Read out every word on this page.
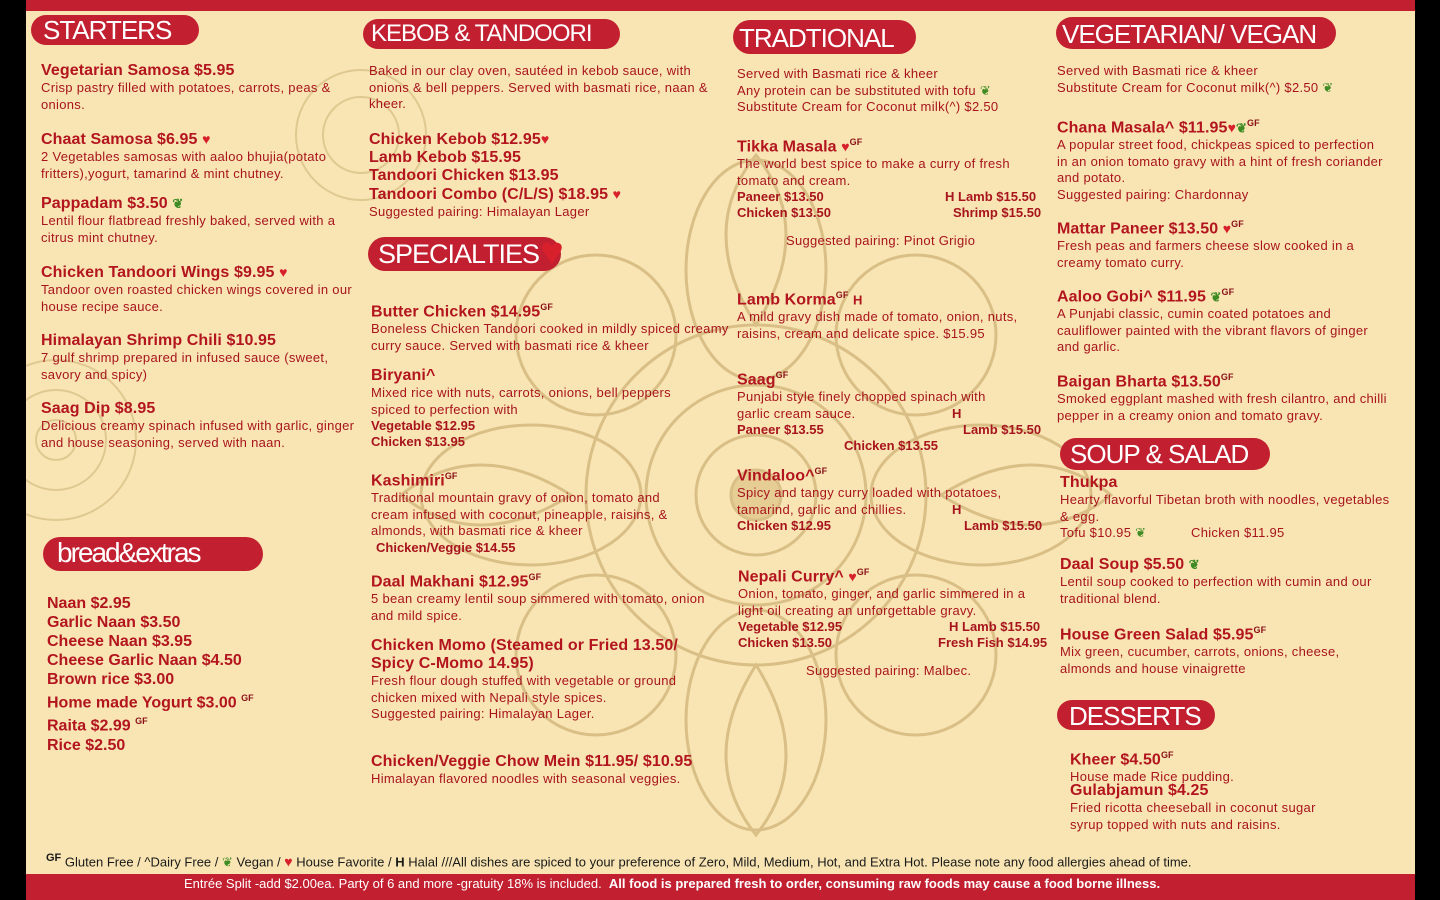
STARTERS
Vegetarian Samosa $5.95
Crisp pastry filled with potatoes, carrots, peas & onions.
Chaat Samosa $6.95 ♥
2 Vegetables samosas with aaloo bhujia(potato fritters),yogurt, tamarind & mint chutney.
Pappadam $3.50 ❦
Lentil flour flatbread freshly baked, served with a citrus mint chutney.
Chicken Tandoori Wings $9.95 ♥
Tandoor oven roasted chicken wings covered in our house recipe sauce.
Himalayan Shrimp Chili $10.95
7 gulf shrimp prepared in infused sauce (sweet, savory and spicy)
Saag Dip $8.95
Delicious creamy spinach infused with garlic, ginger and house seasoning, served with naan.
bread&extras
Naan $2.95
Garlic Naan $3.50
Cheese Naan $3.95
Cheese Garlic Naan $4.50
Brown rice $3.00
Home made Yogurt $3.00 $^{GF}$
Raita $2.99 $^{GF}$
Rice $2.50
KEBOB & TANDOORI
Baked in our clay oven, sautéed in kebob sauce, with onions & bell peppers. Served with basmati rice, naan & kheer.
Chicken Kebob $12.95♥
Lamb Kebob $15.95
Tandoori Chicken $13.95
Tandoori Combo (C/L/S) $18.95 ♥
Suggested pairing: Himalayan Lager
SPECIALTIES ♥
Butter Chicken $\$14.95^{GF}$
Boneless Chicken Tandoori cooked in mildly spiced creamy curry sauce. Served with basmati rice & kheer
Biryani^
Mixed rice with nuts, carrots, onions, bell peppers spiced to perfection with
Vegetable $12.95
Chicken $13.95
Kashimiri$^{GF}$
Traditional mountain gravy of onion, tomato and cream infused with coconut, pineapple, raisins, & almonds, with basmati rice & kheer
Chicken/Veggie $14.55
Daal Makhani $\$12.95^{GF}$
5 bean creamy lentil soup simmered with tomato, onion and mild spice.
Chicken Momo (Steamed or Fried 13.50/ Spicy C-Momo 14.95)
Fresh flour dough stuffed with vegetable or ground chicken mixed with Nepali style spices.
Suggested pairing: Himalayan Lager.
Chicken/Veggie Chow Mein $11.95/ $10.95
Himalayan flavored noodles with seasonal veggies.
TRADTIONAL
Served with Basmati rice & kheer
Any protein can be substituted with tofu ❦
Substitute Cream for Coconut milk(^) $2.50
Tikka Masala ♥$^{GF}$
The world best spice to make a curry of fresh tomato and cream.
Paneer $13.50	H Lamb $15.50
Chicken $13.50	Shrimp $15.50
Suggested pairing: Pinot Grigio
Lamb Korma$^{GF}$ H
A mild gravy dish made of tomato, onion, nuts, raisins, cream and delicate spice. $15.95
Saag$^{GF}$
Punjabi style finely chopped spinach with garlic cream sauce.
Paneer $13.55	Lamb $15.50
H
Chicken $13.55
Vindaloo^$^{GF}$
Spicy and tangy curry loaded with potatoes, tamarind, garlic and chillies.
Chicken $12.95	Lamb $15.50
H
Nepali Curry^ ♥$^{GF}$
Onion, tomato, ginger, and garlic simmered in a light oil creating an unforgettable gravy.
Vegetable $12.95	H Lamb $15.50
Chicken $13.50	Fresh Fish $14.95
Suggested pairing: Malbec.
VEGETARIAN/ VEGAN
Served with Basmati rice & kheer
Substitute Cream for Coconut milk(^) $2.50 ❦
Chana Masala^ $11.95♥❦$^{GF}$
A popular street food, chickpeas spiced to perfection in an onion tomato gravy with a hint of fresh coriander and potato.
Suggested pairing: Chardonnay
Mattar Paneer $13.50 ♥$^{GF}$
Fresh peas and farmers cheese slow cooked in a creamy tomato curry.
Aaloo Gobi^ $11.95 ❦$^{GF}$
A Punjabi classic, cumin coated potatoes and cauliflower painted with the vibrant flavors of ginger and garlic.
Baigan Bharta $\$13.50^{GF}$
Smoked eggplant mashed with fresh cilantro, and chilli pepper in a creamy onion and tomato gravy.
SOUP & SALAD
Thukpa
Hearty flavorful Tibetan broth with noodles, vegetables & egg.
Tofu $10.95 ❦	Chicken $11.95
Daal Soup $5.50 ❦
Lentil soup cooked to perfection with cumin and our traditional blend.
House Green Salad $\$5.95^{GF}$
Mix green, cucumber, carrots, onions, cheese, almonds and house vinaigrette
DESSERTS
Kheer $\$4.50^{GF}$
House made Rice pudding.
Gulabjamun $4.25
Fried ricotta cheeseball in coconut sugar syrup topped with nuts and raisins.
$^{GF}$ Gluten Free / ^Dairy Free / ❦ Vegan / ♥ House Favorite / H Halal ///All dishes are spiced to your preference of Zero, Mild, Medium, Hot, and Extra Hot. Please note any food allergies ahead of time.
Entrée Split -add $2.00ea. Party of 6 and more -gratuity 18% is included. All food is prepared fresh to order, consuming raw foods may cause a food borne illness.
